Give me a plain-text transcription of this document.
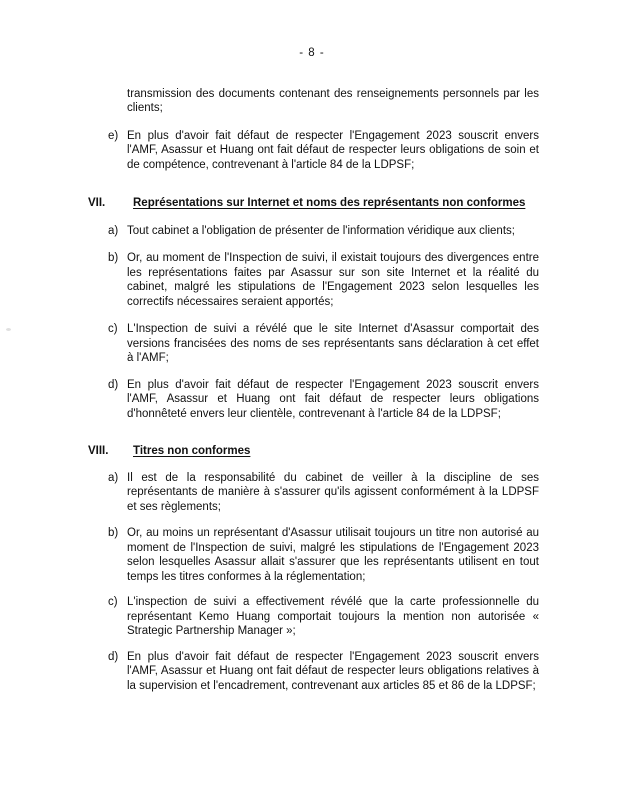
- 8 -
transmission des documents contenant des renseignements personnels par les clients;
e) En plus d'avoir fait défaut de respecter l'Engagement 2023 souscrit envers l'AMF, Asassur et Huang ont fait défaut de respecter leurs obligations de soin et de compétence, contrevenant à l'article 84 de la LDPSF;
VII.	Représentations sur Internet et noms des représentants non conformes
a) Tout cabinet a l'obligation de présenter de l'information véridique aux clients;
b) Or, au moment de l'Inspection de suivi, il existait toujours des divergences entre les représentations faites par Asassur sur son site Internet et la réalité du cabinet, malgré les stipulations de l'Engagement 2023 selon lesquelles les correctifs nécessaires seraient apportés;
c) L'Inspection de suivi a révélé que le site Internet d'Asassur comportait des versions francisées des noms de ses représentants sans déclaration à cet effet à l'AMF;
d) En plus d'avoir fait défaut de respecter l'Engagement 2023 souscrit envers l'AMF, Asassur et Huang ont fait défaut de respecter leurs obligations d'honnêteté envers leur clientèle, contrevenant à l'article 84 de la LDPSF;
VIII.	Titres non conformes
a) Il est de la responsabilité du cabinet de veiller à la discipline de ses représentants de manière à s'assurer qu'ils agissent conformément à la LDPSF et ses règlements;
b) Or, au moins un représentant d'Asassur utilisait toujours un titre non autorisé au moment de l'Inspection de suivi, malgré les stipulations de l'Engagement 2023 selon lesquelles Asassur allait s'assurer que les représentants utilisent en tout temps les titres conformes à la réglementation;
c) L'inspection de suivi a effectivement révélé que la carte professionnelle du représentant Kemo Huang comportait toujours la mention non autorisée « Strategic Partnership Manager »;
d) En plus d'avoir fait défaut de respecter l'Engagement 2023 souscrit envers l'AMF, Asassur et Huang ont fait défaut de respecter leurs obligations relatives à la supervision et l'encadrement, contrevenant aux articles 85 et 86 de la LDPSF;
